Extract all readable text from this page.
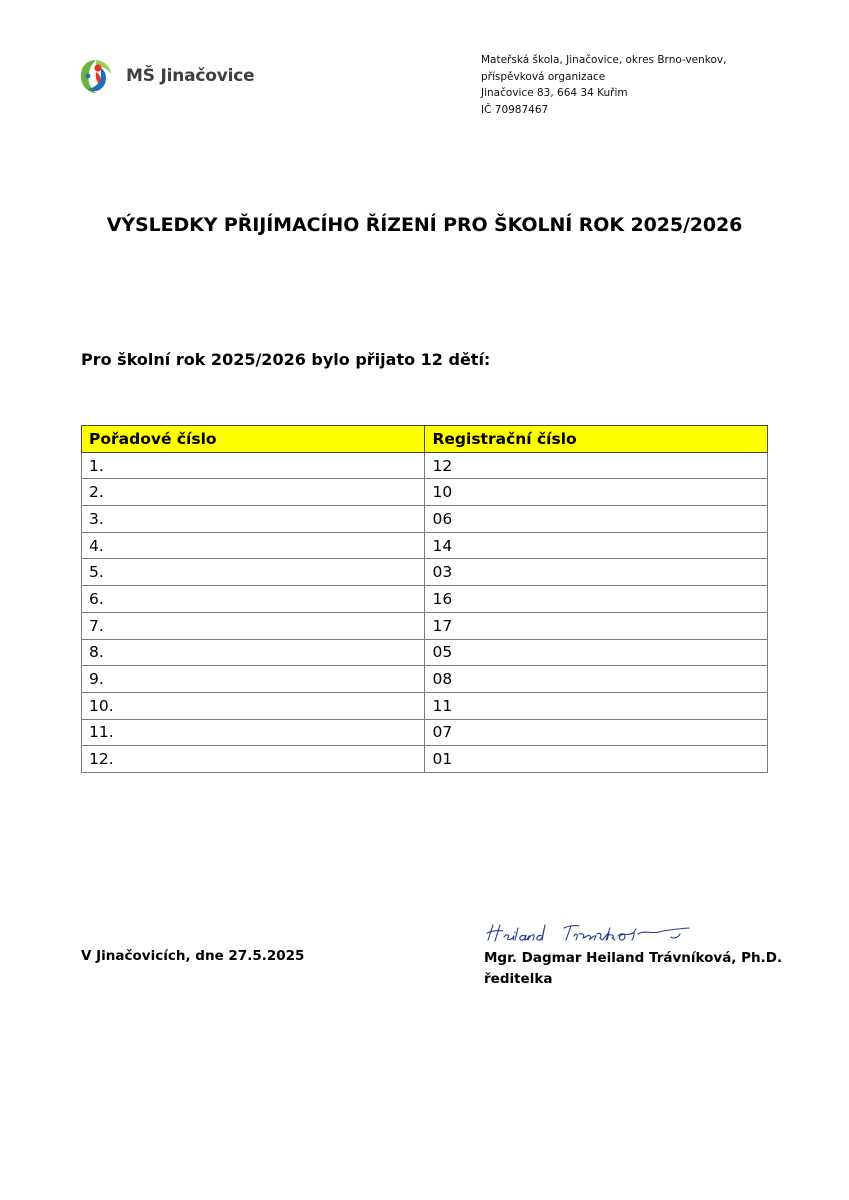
MŠ Jinačovice
Mateřská škola, Jinačovice, okres Brno-venkov,
příspěvková organizace
Jinačovice 83, 664 34 Kuřim
IČ 70987467
VÝSLEDKY PŘIJÍMACÍHO ŘÍZENÍ PRO ŠKOLNÍ ROK 2025/2026
Pro školní rok 2025/2026 bylo přijato 12 dětí:
Pořadové číslo	Registrační číslo
1.	12
2.	10
3.	06
4.	14
5.	03
6.	16
7.	17
8.	05
9.	08
10.	11
11.	07
12.	01
V Jinačovicích, dne 27.5.2025	Mgr. Dagmar Heiland Trávníková, Ph.D.
ředitelka
